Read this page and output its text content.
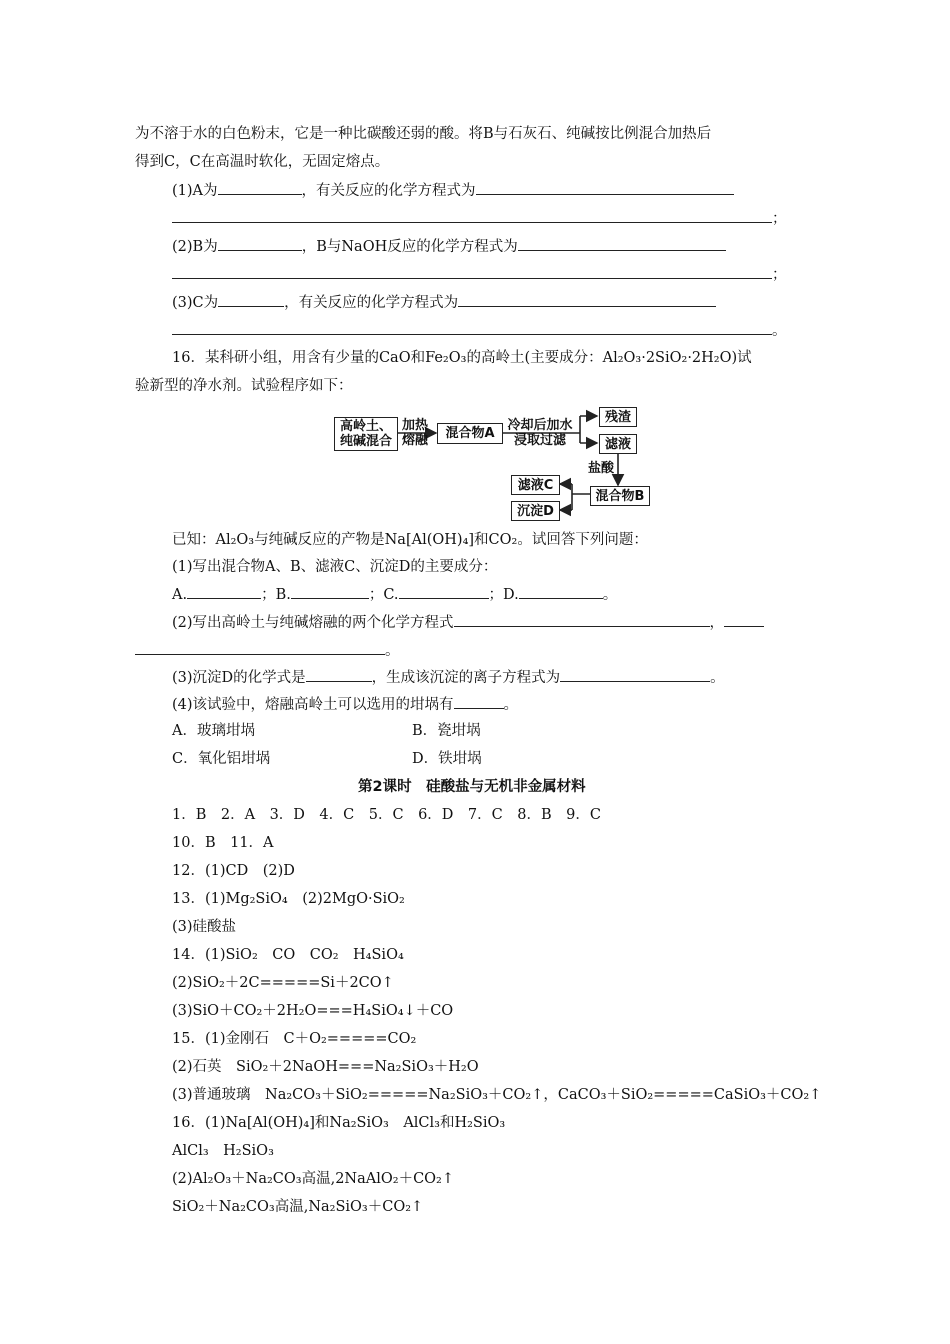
为不溶于水的白色粉末，它是一种比碳酸还弱的酸。将B与石灰石、纯碱按比例混合加热后
得到C，C在高温时软化，无固定熔点。
(1)A为	，有关反应的化学方程式为
；
(2)B为	，B与NaOH反应的化学方程式为
；
(3)C为	，有关反应的化学方程式为
。
16．某科研小组，用含有少量的CaO和Fe₂O₃的高岭土(主要成分：Al₂O₃·2SiO₂·2H₂O)试
验新型的净水剂。试验程序如下：
高岭土、纯碱混合
加热熔融	混合物A
冷却后加水浸取过滤
残渣
滤液
盐酸
混合物B
滤液C
沉淀D
已知：Al₂O₃与纯碱反应的产物是Na[Al(OH)₄]和CO₂。试回答下列问题：
(1)写出混合物A、B、滤液C、沉淀D的主要成分：
A.	；B.	；C.	；D.	。
(2)写出高岭土与纯碱熔融的两个化学方程式	，
。
(3)沉淀D的化学式是	，生成该沉淀的离子方程式为	。
(4)该试验中，熔融高岭土可以选用的坩埚有	。
A．玻璃坩埚	B．瓷坩埚
C．氧化铝坩埚	D．铁坩埚
第2课时　硅酸盐与无机非金属材料
1．B　2．A　3．D　4．C　5．C　6．D　7．C　8．B　9．C
10．B　11．A
12．(1)CD　(2)D
13．(1)Mg₂SiO₄　(2)2MgO·SiO₂
(3)硅酸盐
14．(1)SiO₂　CO　CO₂　H₄SiO₄
(2)SiO₂＋2C=====Si＋2CO↑
(3)SiO＋CO₂＋2H₂O===H₄SiO₄↓＋CO
15．(1)金刚石　C＋O₂=====CO₂
(2)石英　SiO₂＋2NaOH===Na₂SiO₃＋H₂O
(3)普通玻璃　Na₂CO₃＋SiO₂=====Na₂SiO₃＋CO₂↑，CaCO₃＋SiO₂=====CaSiO₃＋CO₂↑
16．(1)Na[Al(OH)₄]和Na₂SiO₃　AlCl₃和H₂SiO₃
AlCl₃　H₂SiO₃
(2)Al₂O₃＋Na₂CO₃高温,2NaAlO₂＋CO₂↑
SiO₂＋Na₂CO₃高温,Na₂SiO₃＋CO₂↑
